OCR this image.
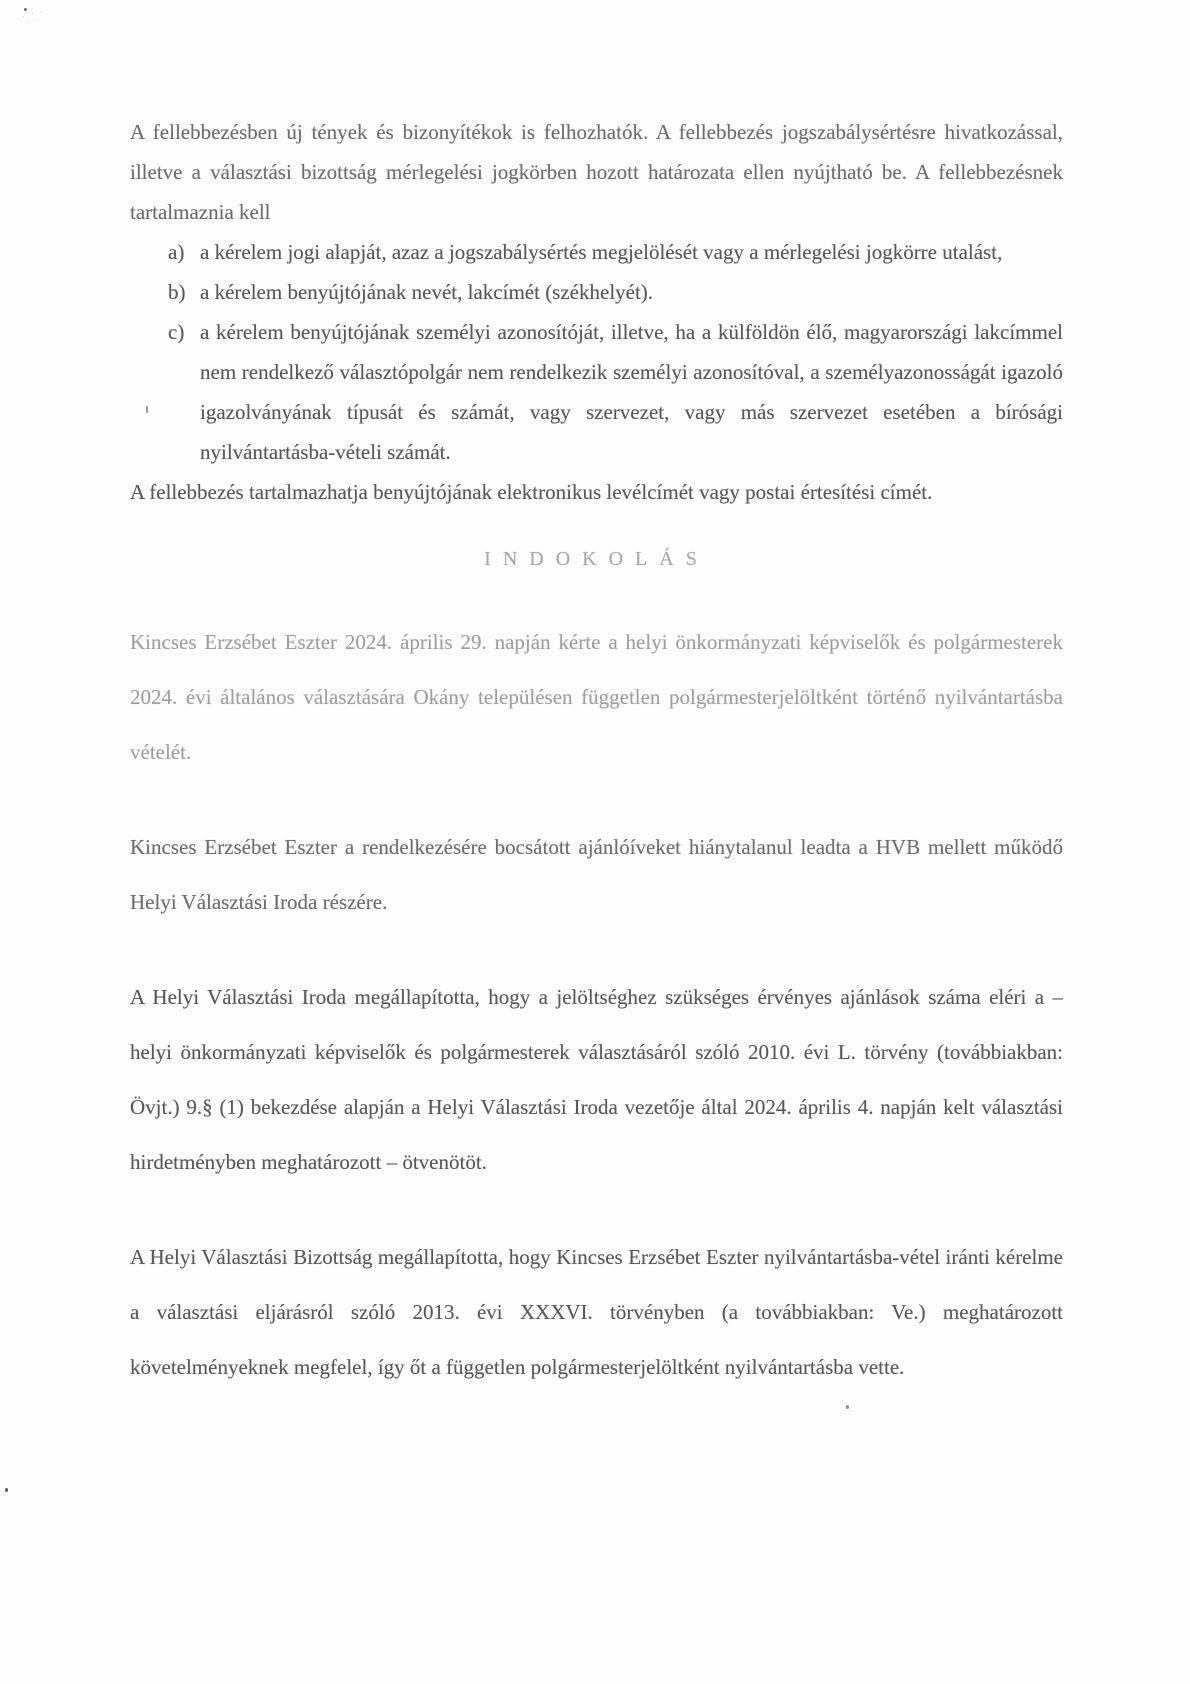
A fellebbezésben új tények és bizonyítékok is felhozhatók. A fellebbezés jogszabálysértésre hivatkozással, illetve a választási bizottság mérlegelési jogkörben hozott határozata ellen nyújtható be. A fellebbezésnek tartalmaznia kell

a) a kérelem jogi alapját, azaz a jogszabálysértés megjelölését vagy a mérlegelési jogkörre utalást,
b) a kérelem benyújtójának nevét, lakcímét (székhelyét).
c) a kérelem benyújtójának személyi azonosítóját, illetve, ha a külföldön élő, magyarországi lakcímmel nem rendelkező választópolgár nem rendelkezik személyi azonosítóval, a személyazonosságát igazoló igazolványának típusát és számát, vagy szervezet, vagy más szervezet esetében a bírósági nyilvántartásba-vételi számát.

A fellebbezés tartalmazhatja benyújtójának elektronikus levélcímét vagy postai értesítési címét.

INDOKOLÁS

Kincses Erzsébet Eszter 2024. április 29. napján kérte a helyi önkormányzati képviselők és polgármesterek 2024. évi általános választására Okány településen független polgármesterjelöltként történő nyilvántartásba vételét.

Kincses Erzsébet Eszter a rendelkezésére bocsátott ajánlóíveket hiánytalanul leadta a HVB mellett működő Helyi Választási Iroda részére.

A Helyi Választási Iroda megállapította, hogy a jelöltséghez szükséges érvényes ajánlások száma eléri a – helyi önkormányzati képviselők és polgármesterek választásáról szóló 2010. évi L. törvény (továbbiakban: Övjt.) 9.§ (1) bekezdése alapján a Helyi Választási Iroda vezetője által 2024. április 4. napján kelt választási hirdetményben meghatározott – ötvenötöt.

A Helyi Választási Bizottság megállapította, hogy Kincses Erzsébet Eszter nyilvántartásba-vétel iránti kérelme a választási eljárásról szóló 2013. évi XXXVI. törvényben (a továbbiakban: Ve.) meghatározott követelményeknek megfelel, így őt a független polgármesterjelöltként nyilvántartásba vette.
